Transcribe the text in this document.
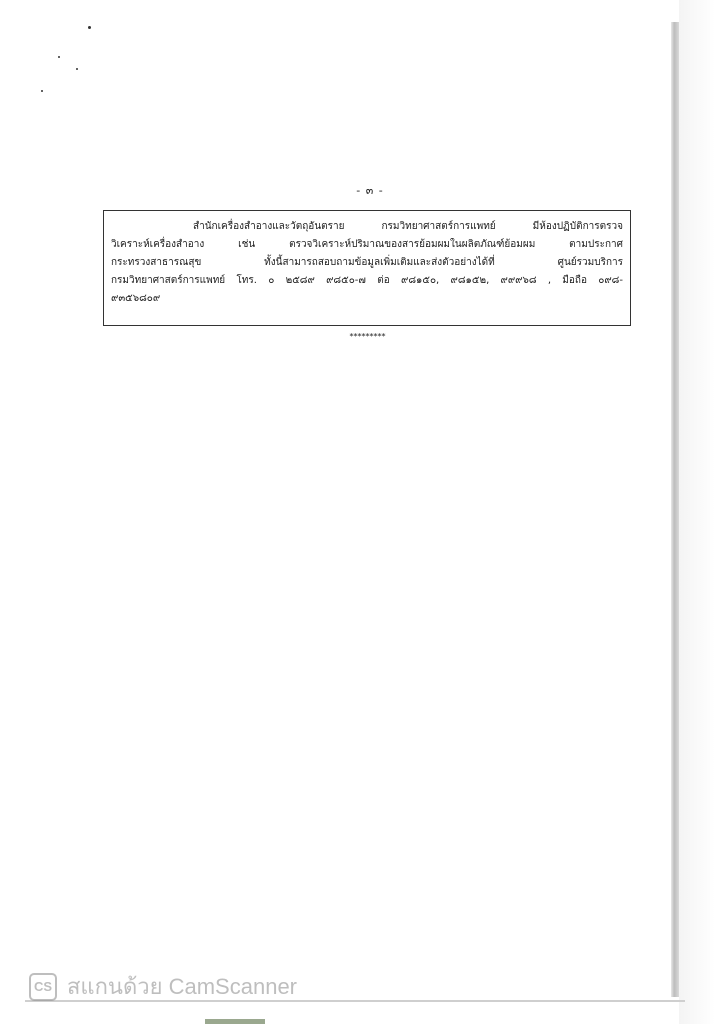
- ๓ -
สำนักเครื่องสำอางและวัตถุอันตราย กรมวิทยาศาสตร์การแพทย์ มีห้องปฏิบัติการตรวจ
วิเคราะห์เครื่องสำอาง เช่น ตรวจวิเคราะห์ปริมาณของสารย้อมผมในผลิตภัณฑ์ย้อมผม ตามประกาศ
กระทรวงสาธารณสุข ทั้งนี้สามารถสอบถามข้อมูลเพิ่มเติมและส่งตัวอย่างได้ที่ ศูนย์รวมบริการ
กรมวิทยาศาสตร์การแพทย์ โทร. ๐ ๒๕๘๙ ๙๘๕๐-๗ ต่อ ๙๘๑๕๐, ๙๘๑๕๒, ๙๙๙๖๘ , มือถือ ๐๙๘-
๙๓๕๖๘๐๙
*********
CS สแกนด้วย CamScanner
